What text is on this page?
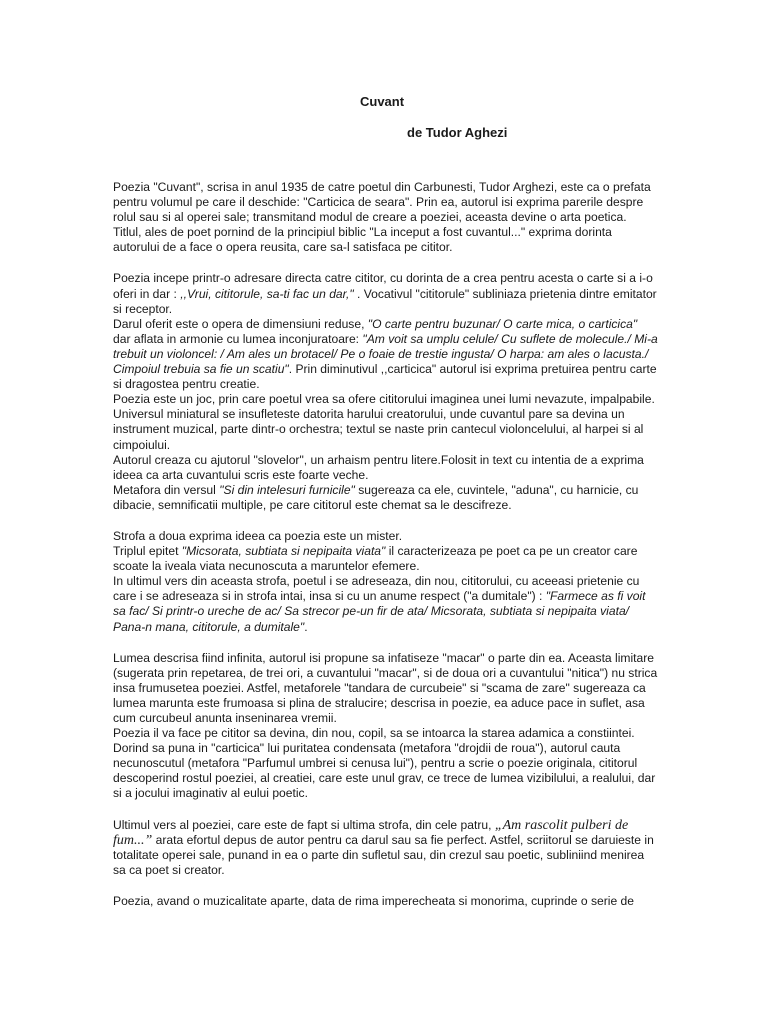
Cuvant
de Tudor Aghezi

Poezia "Cuvant", scrisa in anul 1935 de catre poetul din Carbunesti, Tudor Arghezi, este ca o prefata pentru volumul pe care il deschide: "Carticica de seara". Prin ea, autorul isi exprima parerile despre rolul sau si al operei sale; transmitand modul de creare a poeziei, aceasta devine o arta poetica. Titlul, ales de poet pornind de la principiul biblic "La inceput a fost cuvantul..." exprima dorinta autorului de a face o opera reusita, care sa-l satisfaca pe cititor.

Poezia incepe printr-o adresare directa catre cititor, cu dorinta de a crea pentru acesta o carte si a i-o oferi in dar : ,,Vrui, cititorule, sa-ti fac un dar," . Vocativul "cititorule" subliniaza prietenia dintre emitator si receptor.

Darul oferit este o opera de dimensiuni reduse, "O carte pentru buzunar/ O carte mica, o carticica" dar aflata in armonie cu lumea inconjuratoare: "Am voit sa umplu celule/ Cu suflete de molecule./ Mi-a trebuit un violoncel: / Am ales un brotacel/ Pe o foaie de trestie ingusta/ O harpa: am ales o lacusta./ Cimpoiul trebuia sa fie un scatiu". Prin diminutivul ,,carticica" autorul isi exprima pretuirea pentru carte si dragostea pentru creatie.

Poezia este un joc, prin care poetul vrea sa ofere cititorului imaginea unei lumi nevazute, impalpabile.

Universul miniatural se insufleteste datorita harului creatorului, unde cuvantul pare sa devina un instrument muzical, parte dintr-o orchestra; textul se naste prin cantecul violoncelului, al harpei si al cimpoiului.

Autorul creaza cu ajutorul "slovelor", un arhaism pentru litere.Folosit in text cu intentia de a exprima ideea ca arta cuvantului scris este foarte veche.

Metafora din versul "Si din intelesuri furnicile" sugereaza ca ele, cuvintele, "aduna", cu harnicie, cu dibacie, semnificatii multiple, pe care cititorul este chemat sa le descifreze.

Strofa a doua exprima ideea ca poezia este un mister.

Triplul epitet "Micsorata, subtiata si nepipaita viata" il caracterizeaza pe poet ca pe un creator care scoate la iveala viata necunoscuta a maruntelor efemere.

In ultimul vers din aceasta strofa, poetul i se adreseaza, din nou, cititorului, cu aceeasi prietenie cu care i se adreseaza si in strofa intai, insa si cu un anume respect ("a dumitale") : "Farmece as fi voit sa fac/ Si printr-o ureche de ac/ Sa strecor pe-un fir de ata/ Micsorata, subtiata si nepipaita viata/ Pana-n mana, cititorule, a dumitale".

Lumea descrisa fiind infinita, autorul isi propune sa infatiseze "macar" o parte din ea. Aceasta limitare (sugerata prin repetarea, de trei ori, a cuvantului "macar", si de doua ori a cuvantului "nitica") nu strica insa frumusetea poeziei. Astfel, metaforele "tandara de curcubeie" si "scama de zare" sugereaza ca lumea marunta este frumoasa si plina de stralucire; descrisa in poezie, ea aduce pace in suflet, asa cum curcubeul anunta inseninarea vremii.

Poezia il va face pe cititor sa devina, din nou, copil, sa se intoarca la starea adamica a constiintei. Dorind sa puna in "carticica" lui puritatea condensata (metafora "drojdii de roua"), autorul cauta necunoscutul (metafora "Parfumul umbrei si cenusa lui"), pentru a scrie o poezie originala, cititorul descoperind rostul poeziei, al creatiei, care este unul grav, ce trece de lumea vizibilului, a realului, dar si a jocului imaginativ al eului poetic.

Ultimul vers al poeziei, care este de fapt si ultima strofa, din cele patru, „Am rascolit pulberi de fum...” arata efortul depus de autor pentru ca darul sau sa fie perfect. Astfel, scriitorul se daruieste in totalitate operei sale, punand in ea o parte din sufletul sau, din crezul sau poetic, subliniind menirea sa ca poet si creator.

Poezia, avand o muzicalitate aparte, data de rima imperecheata si monorima, cuprinde o serie de
